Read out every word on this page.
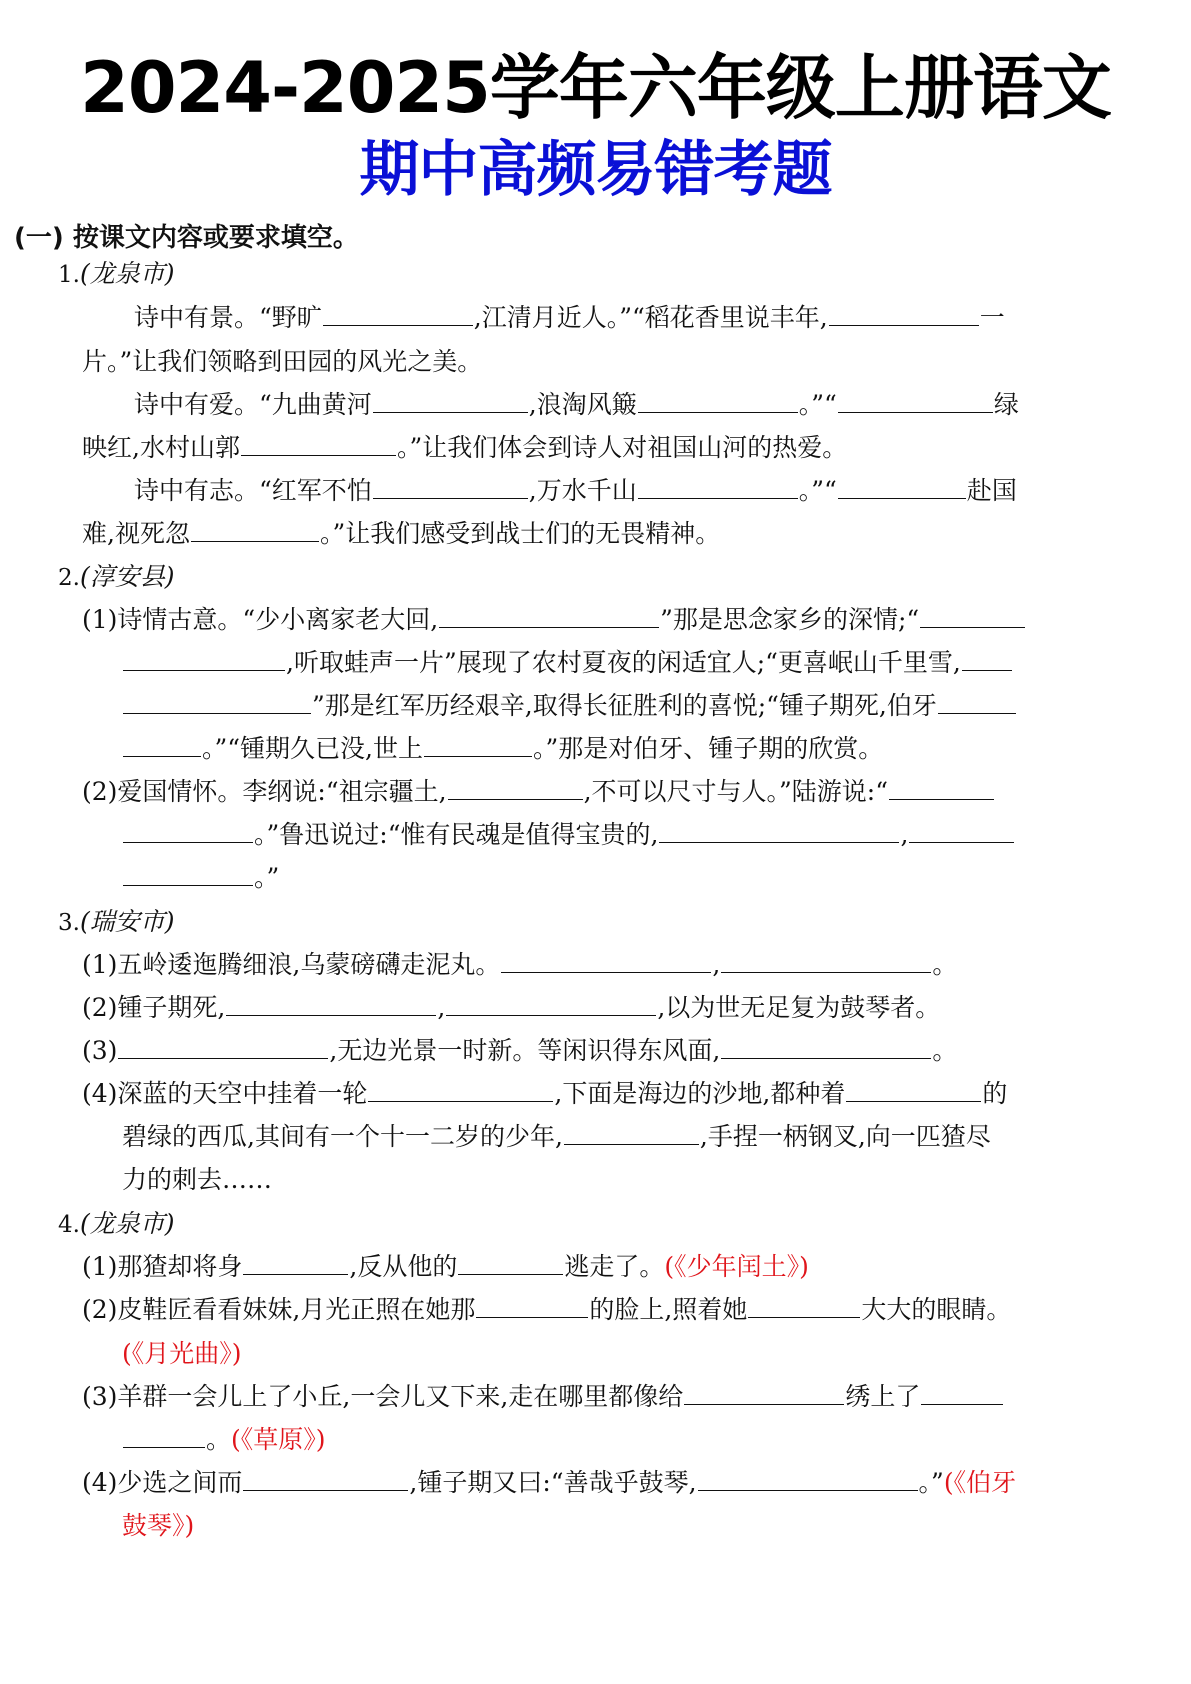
2024-2025学年六年级上册语文
期中高频易错考题
(一) 按课文内容或要求填空。
1.(龙泉市)
诗中有景。“野旷	,江清月近人。”“稻花香里说丰年,	一
片。”让我们领略到田园的风光之美。
诗中有爱。“九曲黄河	,浪淘风簸	。”“	绿
映红,水村山郭	。”让我们体会到诗人对祖国山河的热爱。
诗中有志。“红军不怕	,万水千山	。”“	赴国
难,视死忽	。”让我们感受到战士们的无畏精神。
2.(淳安县)
(1)诗情古意。“少小离家老大回,	”那是思念家乡的深情;“
,听取蛙声一片”展现了农村夏夜的闲适宜人;“更喜岷山千里雪,
”那是红军历经艰辛,取得长征胜利的喜悦;“锺子期死,伯牙
。”“锺期久已没,世上	。”那是对伯牙、锺子期的欣赏。
(2)爱国情怀。李纲说:“祖宗疆土,	,不可以尺寸与人。”陆游说:“
。”鲁迅说过:“惟有民魂是值得宝贵的,	,
。”
3.(瑞安市)
(1)五岭逶迤腾细浪,乌蒙磅礴走泥丸。	,	。
(2)锺子期死,	,	,以为世无足复为鼓琴者。
(3)	,无边光景一时新。等闲识得东风面,	。
(4)深蓝的天空中挂着一轮	,下面是海边的沙地,都种着	的
碧绿的西瓜,其间有一个十一二岁的少年,	,手捏一柄钢叉,向一匹猹尽
力的刺去……
4.(龙泉市)
(1)那猹却将身	,反从他的	逃走了。(《少年闰土》)
(2)皮鞋匠看看妹妹,月光正照在她那	的脸上,照着她	大大的眼睛。
(《月光曲》)
(3)羊群一会儿上了小丘,一会儿又下来,走在哪里都像给	绣上了
。(《草原》)
(4)少选之间而	,锺子期又曰:“善哉乎鼓琴,	。”(《伯牙
鼓琴》)
